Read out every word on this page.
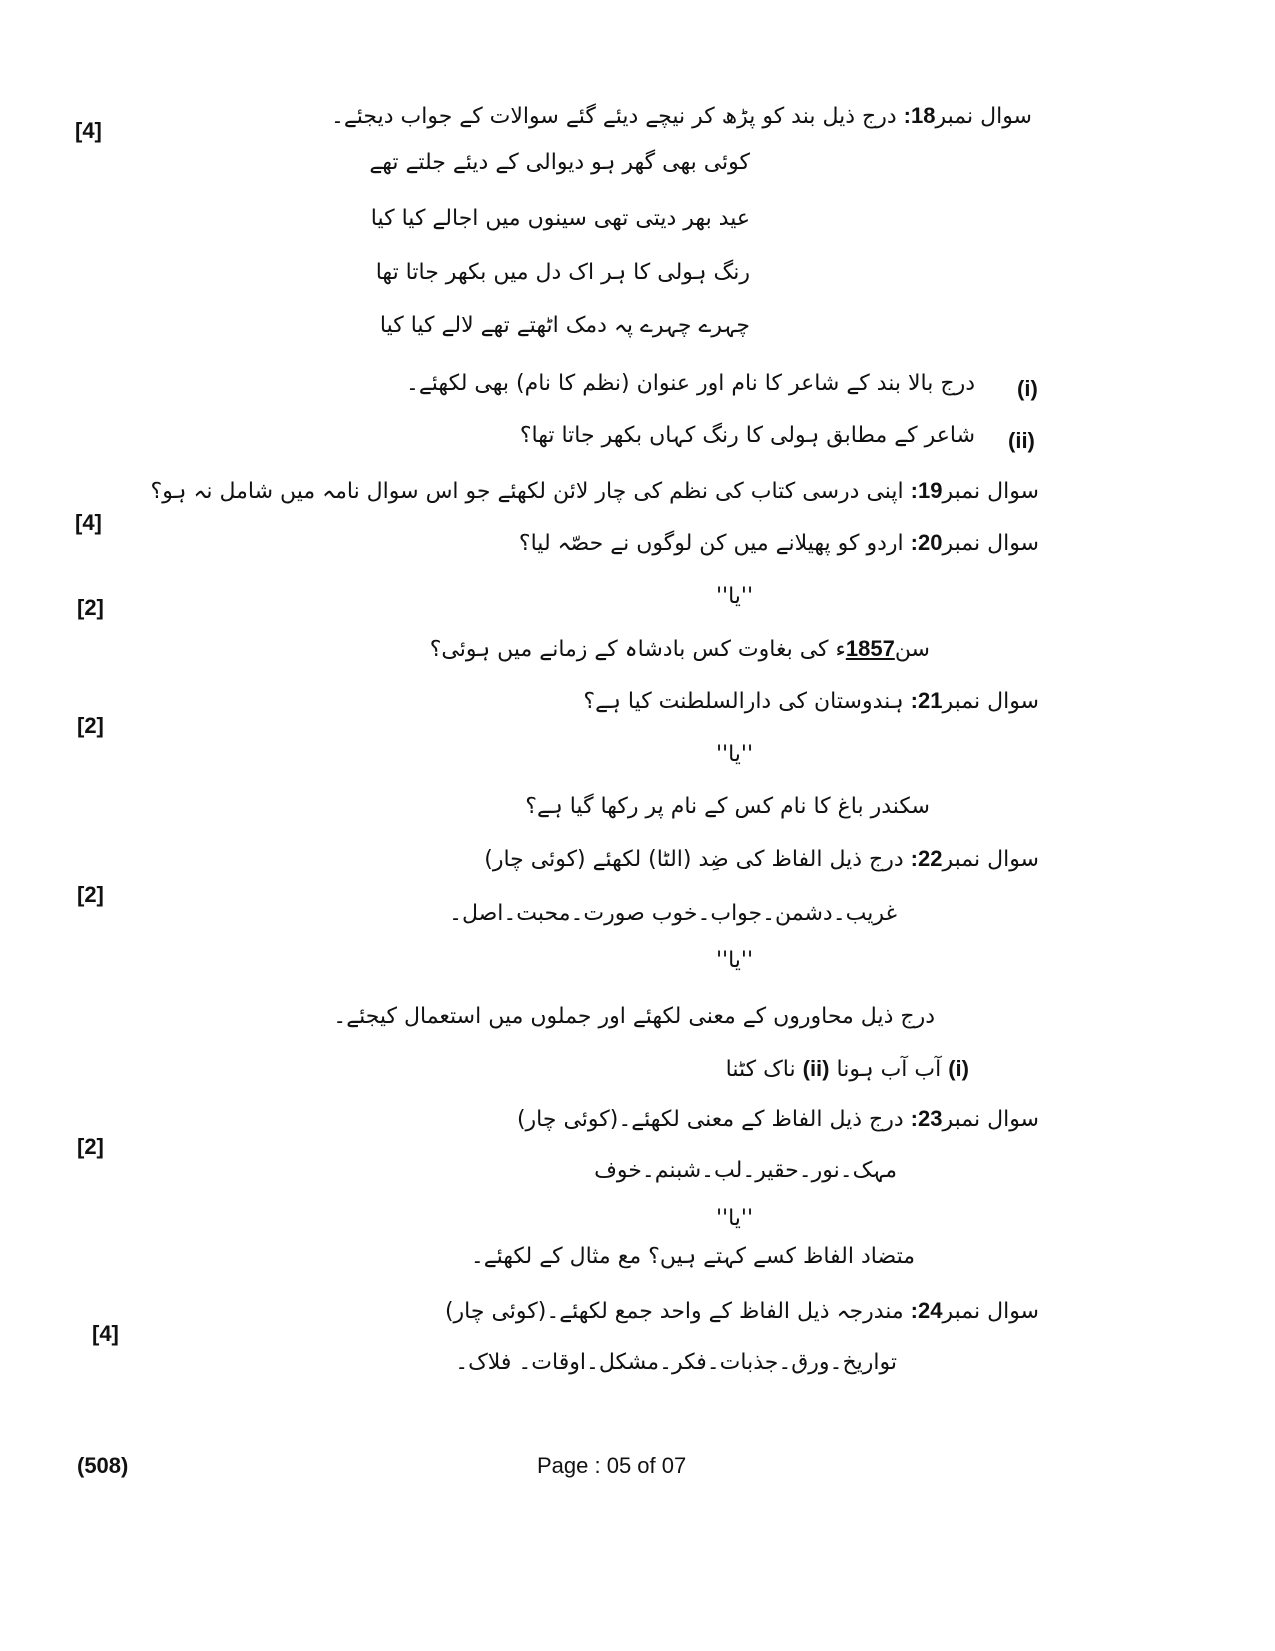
[4]
[4]
[2]
[2]
[2]
[2]
[4]
سوال نمبر18: درج ذیل بند کو پڑھ کر نیچے دیئے گئے سوالات کے جواب دیجئے۔
کوئی بھی گھر ہو دیوالی کے دیئے جلتے تھے
عید بھر دیتی تھی سینوں میں اجالے کیا کیا
رنگ ہولی کا ہر اک دل میں بکھر جاتا تھا
چہرے چہرے پہ دمک اٹھتے تھے لالے کیا کیا
(i)
درج بالا بند کے شاعر کا نام اور عنوان (نظم کا نام) بھی لکھئے۔
(ii)
شاعر کے مطابق ہولی کا رنگ کہاں بکھر جاتا تھا؟
سوال نمبر19: اپنی درسی کتاب کی نظم کی چار لائن لکھئے جو اس سوال نامہ میں شامل نہ ہو؟
سوال نمبر20: اردو کو پھیلانے میں کن لوگوں نے حصّہ لیا؟
''یا''
سن1857ء کی بغاوت کس بادشاہ کے زمانے میں ہوئی؟
سوال نمبر21: ہندوستان کی دارالسلطنت کیا ہے؟
''یا''
سکندر باغ کا نام کس کے نام پر رکھا گیا ہے؟
سوال نمبر22: درج ذیل الفاظ کی ضِد (الٹا) لکھئے (کوئی چار)
غریب۔دشمن۔جواب۔خوب صورت۔محبت۔اصل۔
''یا''
درج ذیل محاوروں کے معنی لکھئے اور جملوں میں استعمال کیجئے۔
(i) آب آب ہونا (ii) ناک کٹنا
سوال نمبر23: درج ذیل الفاظ کے معنی لکھئے۔(کوئی چار)
مہک۔نور۔حقیر۔لب۔شبنم۔خوف
''یا''
متضاد الفاظ کسے کہتے ہیں؟ مع مثال کے لکھئے۔
سوال نمبر24: مندرجہ ذیل الفاظ کے واحد جمع لکھئے۔(کوئی چار)
تواریخ۔ورق۔جذبات۔فکر۔مشکل۔اوقات۔ فلاک۔
(508)	Page : 05 of 07
